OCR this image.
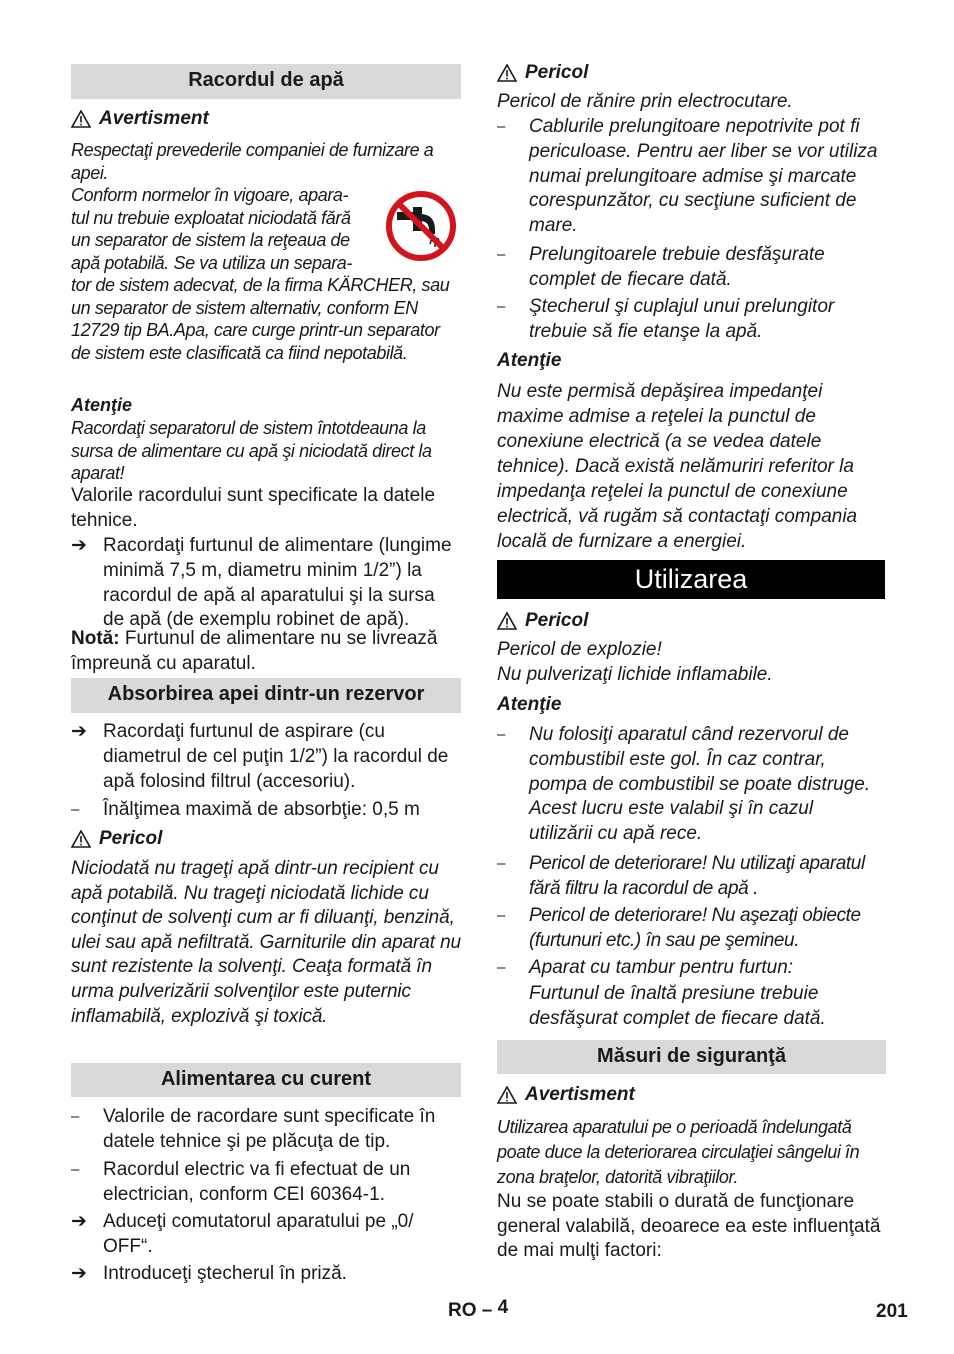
Racordul de apă
Avertisment
Respectaţi prevederile companiei de furnizare a apei.
Conform normelor în vigoare, apara-
tul nu trebuie exploatat niciodată fără
un separator de sistem la reţeaua de
apă potabilă. Se va utiliza un separa-
tor de sistem adecvat, de la firma KÄRCHER, sau un separator de sistem alternativ, conform EN 12729 tip BA.Apa, care curge printr-un separator de sistem este clasificată ca fiind nepotabilă.
Atenţie
Racordaţi separatorul de sistem întotdeauna la sursa de alimentare cu apă şi niciodată direct la aparat!
Valorile racordului sunt specificate la datele tehnice.
➔ Racordaţi furtunul de alimentare (lungime minimă 7,5 m, diametru minim 1/2”) la racordul de apă al aparatului şi la sursa de apă (de exemplu robinet de apă).
Notă: Furtunul de alimentare nu se livrează împreună cu aparatul.
Absorbirea apei dintr-un rezervor
➔ Racordaţi furtunul de aspirare (cu diametrul de cel puţin 1/2”) la racordul de apă folosind filtrul (accesoriu).
– Înălţimea maximă de absorbţie: 0,5 m
Pericol
Niciodată nu trageţi apă dintr-un recipient cu apă potabilă. Nu trageţi niciodată lichide cu conţinut de solvenţi cum ar fi diluanţi, benzină, ulei sau apă nefiltrată. Garniturile din aparat nu sunt rezistente la solvenţi. Ceaţa formată în urma pulverizării solvenţilor este puternic inflamabilă, explozivă şi toxică.
Alimentarea cu curent
– Valorile de racordare sunt specificate în datele tehnice şi pe plăcuţa de tip.
– Racordul electric va fi efectuat de un electrician, conform CEI 60364-1.
➔ Aduceţi comutatorul aparatului pe „0/ OFF“.
➔ Introduceţi ştecherul în priză.
Pericol
Pericol de rănire prin electrocutare.
– Cablurile prelungitoare nepotrivite pot fi periculoase. Pentru aer liber se vor utiliza numai prelungitoare admise şi marcate corespunzător, cu secţiune suficient de mare.
– Prelungitoarele trebuie desfăşurate complet de fiecare dată.
– Ştecherul şi cuplajul unui prelungitor trebuie să fie etanşe la apă.
Atenţie
Nu este permisă depăşirea impedanţei maxime admise a reţelei la punctul de conexiune electrică (a se vedea datele tehnice). Dacă există nelămuriri referitor la impedanţa reţelei la punctul de conexiune electrică, vă rugăm să contactaţi compania locală de furnizare a energiei.
Utilizarea
Pericol
Pericol de explozie!
Nu pulverizaţi lichide inflamabile.
Atenţie
– Nu folosiţi aparatul când rezervorul de combustibil este gol. În caz contrar, pompa de combustibil se poate distruge. Acest lucru este valabil şi în cazul utilizării cu apă rece.
– Pericol de deteriorare! Nu utilizaţi aparatul fără filtru la racordul de apă .
– Pericol de deteriorare! Nu aşezaţi obiecte (furtunuri etc.) în sau pe şemineu.
– Aparat cu tambur pentru furtun:
Furtunul de înaltă presiune trebuie desfăşurat complet de fiecare dată.
Măsuri de siguranţă
Avertisment
Utilizarea aparatului pe o perioadă îndelungată poate duce la deteriorarea circulaţiei sângelui în zona braţelor, datorită vibraţiilor.
Nu se poate stabili o durată de funcţionare general valabilă, deoarece ea este influenţată de mai mulţi factori:
RO – 4	201
